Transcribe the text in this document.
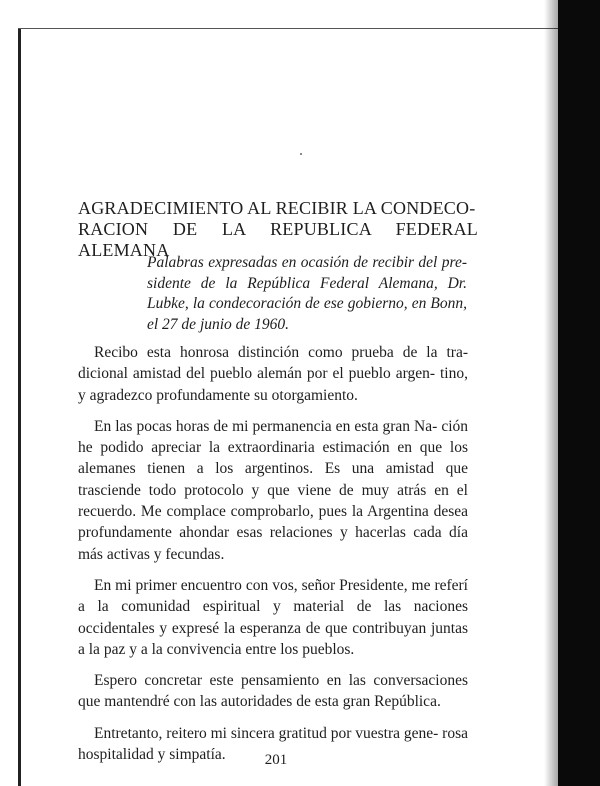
AGRADECIMIENTO AL RECIBIR LA CONDECO-
RACION DE LA REPUBLICA FEDERAL ALEMANA

Palabras expresadas en ocasión de recibir del pre- sidente de la República Federal Alemana, Dr. Lubke, la condecoración de ese gobierno, en Bonn, el 27 de junio de 1960.

Recibo esta honrosa distinción como prueba de la tra- dicional amistad del pueblo alemán por el pueblo argen- tino, y agradezco profundamente su otorgamiento.

En las pocas horas de mi permanencia en esta gran Na- ción he podido apreciar la extraordinaria estimación en que los alemanes tienen a los argentinos. Es una amistad que trasciende todo protocolo y que viene de muy atrás en el recuerdo. Me complace comprobarlo, pues la Argentina desea profundamente ahondar esas relaciones y hacerlas cada día más activas y fecundas.

En mi primer encuentro con vos, señor Presidente, me referí a la comunidad espiritual y material de las naciones occidentales y expresé la esperanza de que contribuyan juntas a la paz y a la convivencia entre los pueblos.

Espero concretar este pensamiento en las conversaciones que mantendré con las autoridades de esta gran República.

Entretanto, reitero mi sincera gratitud por vuestra gene- rosa hospitalidad y simpatía.	201
